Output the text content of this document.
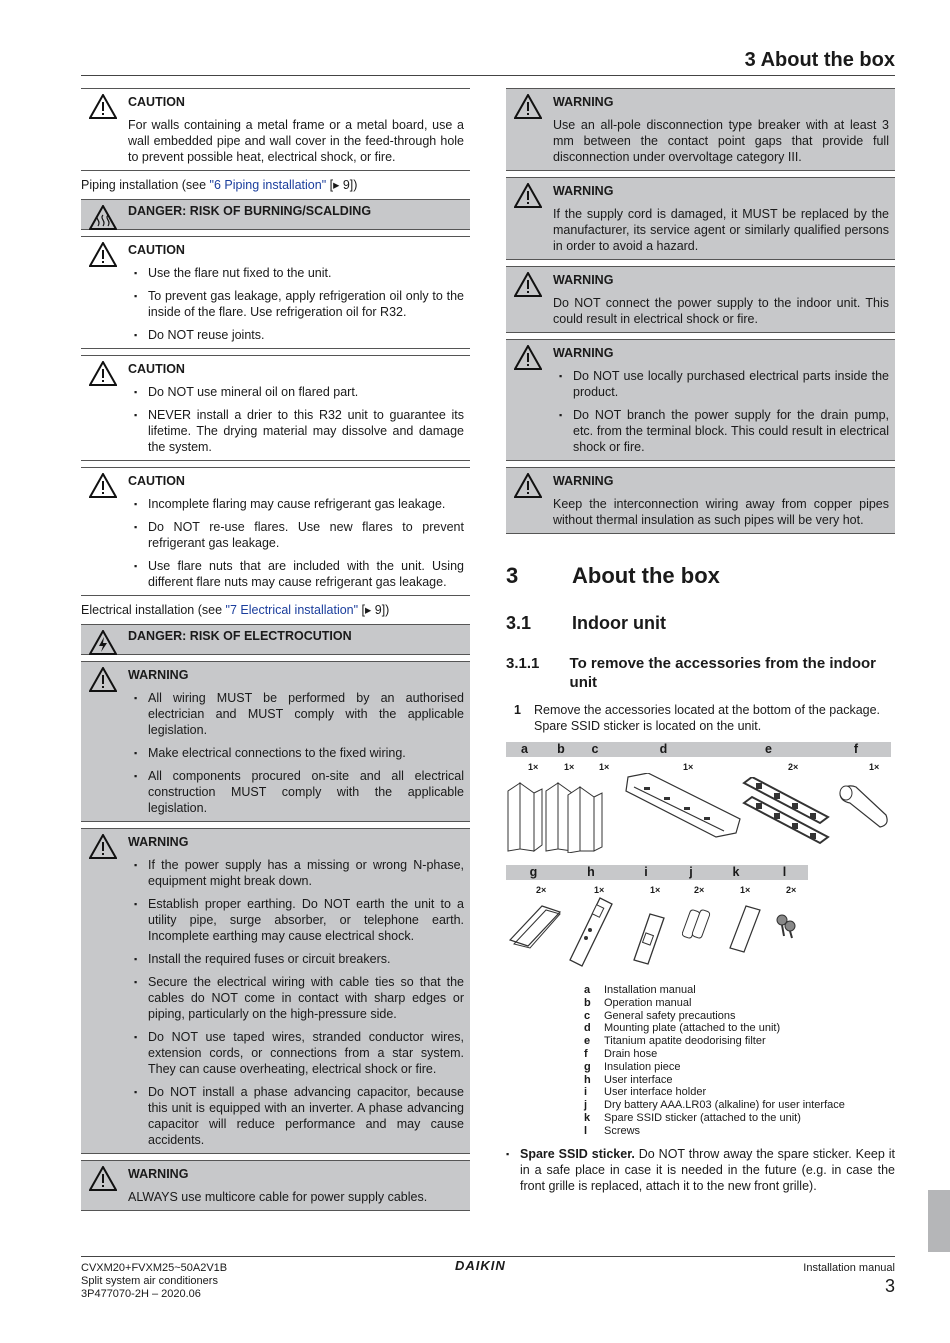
3 About the box
CAUTION

For walls containing a metal frame or a metal board, use a wall embedded pipe and wall cover in the feed-through hole to prevent possible heat, electrical shock, or fire.

Piping installation (see "6 Piping installation" [▸ 9])
DANGER: RISK OF BURNING/SCALDING
CAUTION
▪ Use the flare nut fixed to the unit.
▪ To prevent gas leakage, apply refrigeration oil only to the inside of the flare. Use refrigeration oil for R32.
▪ Do NOT reuse joints.
CAUTION
▪ Do NOT use mineral oil on flared part.
▪ NEVER install a drier to this R32 unit to guarantee its lifetime. The drying material may dissolve and damage the system.
CAUTION
▪ Incomplete flaring may cause refrigerant gas leakage.
▪ Do NOT re-use flares. Use new flares to prevent refrigerant gas leakage.
▪ Use flare nuts that are included with the unit. Using different flare nuts may cause refrigerant gas leakage.
Electrical installation (see "7 Electrical installation" [▸ 9])
DANGER: RISK OF ELECTROCUTION
WARNING
▪ All wiring MUST be performed by an authorised electrician and MUST comply with the applicable legislation.
▪ Make electrical connections to the fixed wiring.
▪ All components procured on-site and all electrical construction MUST comply with the applicable legislation.
WARNING
▪ If the power supply has a missing or wrong N-phase, equipment might break down.
▪ Establish proper earthing. Do NOT earth the unit to a utility pipe, surge absorber, or telephone earth. Incomplete earthing may cause electrical shock.
▪ Install the required fuses or circuit breakers.
▪ Secure the electrical wiring with cable ties so that the cables do NOT come in contact with sharp edges or piping, particularly on the high-pressure side.
▪ Do NOT use taped wires, stranded conductor wires, extension cords, or connections from a star system. They can cause overheating, electrical shock or fire.
▪ Do NOT install a phase advancing capacitor, because this unit is equipped with an inverter. A phase advancing capacitor will reduce performance and may cause accidents.
WARNING

ALWAYS use multicore cable for power supply cables.

WARNING

Use an all-pole disconnection type breaker with at least 3 mm between the contact point gaps that provide full disconnection under overvoltage category III.

WARNING

If the supply cord is damaged, it MUST be replaced by the manufacturer, its service agent or similarly qualified persons in order to avoid a hazard.

WARNING

Do NOT connect the power supply to the indoor unit. This could result in electrical shock or fire.

WARNING
▪ Do NOT use locally purchased electrical parts inside the product.
▪ Do NOT branch the power supply for the drain pump, etc. from the terminal block. This could result in electrical shock or fire.
WARNING

Keep the interconnection wiring away from copper pipes without thermal insulation as such pipes will be very hot.

3	About the box
3.1	Indoor unit
3.1.1	To remove the accessories from the indoor unit
1	Remove the accessories located at the bottom of the package. Spare SSID sticker is located on the unit.
a	b	c	d	e	f
1×	1×	1×	1×	2×	1×
g	h	i	j	k	l
2×	1×	1×	2×	1×	2×
a	Installation manual
b	Operation manual
c	General safety precautions
d	Mounting plate (attached to the unit)
e	Titanium apatite deodorising filter
f	Drain hose
g	Insulation piece
h	User interface
i	User interface holder
j	Dry battery AAA.LR03 (alkaline) for user interface
k	Spare SSID sticker (attached to the unit)
l	Screws
▪ Spare SSID sticker. Do NOT throw away the spare sticker. Keep it in a safe place in case it is needed in the future (e.g. in case the front grille is replaced, attach it to the new front grille).
CVXM20+FVXM25~50A2V1B
Split system air conditioners
3P477070-2H – 2020.06
DAIKIN	Installation manual
3
